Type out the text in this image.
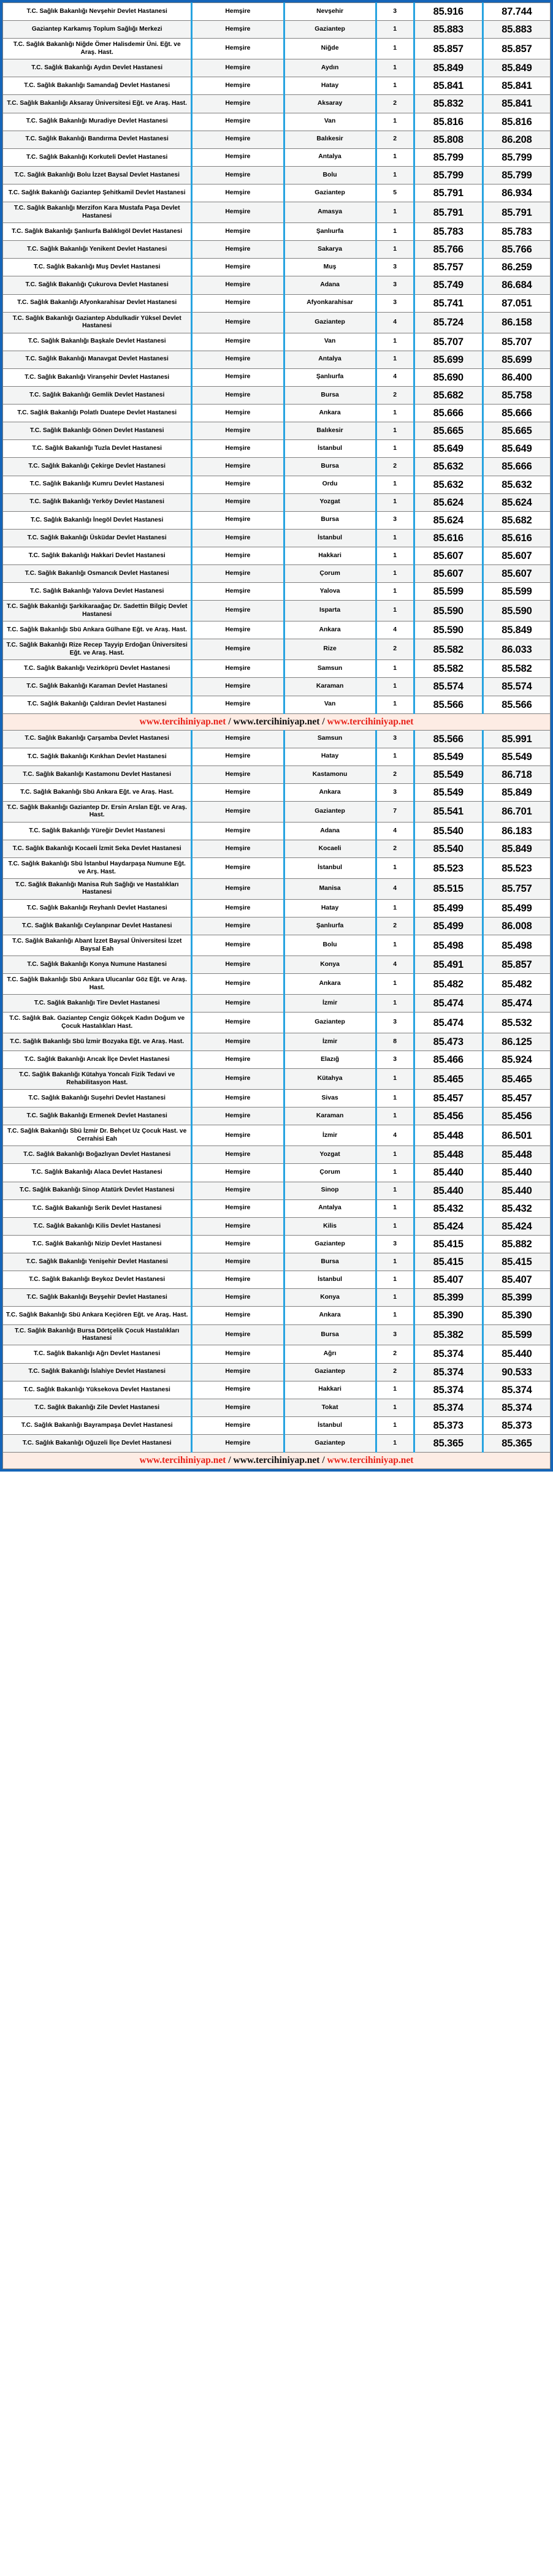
T.C. Sağlık Bakanlığı Nevşehir Devlet Hastanesi	Hemşire	Nevşehir	3	85.916	87.744
Gaziantep Karkamış Toplum Sağlığı Merkezi	Hemşire	Gaziantep	1	85.883	85.883
T.C. Sağlık Bakanlığı Niğde Ömer Halisdemir Üni. Eğt. ve Araş. Hast.	Hemşire	Niğde	1	85.857	85.857
T.C. Sağlık Bakanlığı Aydın Devlet Hastanesi	Hemşire	Aydın	1	85.849	85.849
T.C. Sağlık Bakanlığı Samandağ Devlet Hastanesi	Hemşire	Hatay	1	85.841	85.841
T.C. Sağlık Bakanlığı Aksaray Üniversitesi Eğt. ve Araş. Hast.	Hemşire	Aksaray	2	85.832	85.841
T.C. Sağlık Bakanlığı Muradiye Devlet Hastanesi	Hemşire	Van	1	85.816	85.816
T.C. Sağlık Bakanlığı Bandırma Devlet Hastanesi	Hemşire	Balıkesir	2	85.808	86.208
T.C. Sağlık Bakanlığı Korkuteli Devlet Hastanesi	Hemşire	Antalya	1	85.799	85.799
T.C. Sağlık Bakanlığı Bolu İzzet Baysal Devlet Hastanesi	Hemşire	Bolu	1	85.799	85.799
T.C. Sağlık Bakanlığı Gaziantep Şehitkamil Devlet Hastanesi	Hemşire	Gaziantep	5	85.791	86.934
T.C. Sağlık Bakanlığı Merzifon Kara Mustafa Paşa Devlet Hastanesi	Hemşire	Amasya	1	85.791	85.791
T.C. Sağlık Bakanlığı Şanlıurfa Balıklıgöl Devlet Hastanesi	Hemşire	Şanlıurfa	1	85.783	85.783
T.C. Sağlık Bakanlığı Yenikent Devlet Hastanesi	Hemşire	Sakarya	1	85.766	85.766
T.C. Sağlık Bakanlığı Muş Devlet Hastanesi	Hemşire	Muş	3	85.757	86.259
T.C. Sağlık Bakanlığı Çukurova Devlet Hastanesi	Hemşire	Adana	3	85.749	86.684
T.C. Sağlık Bakanlığı Afyonkarahisar Devlet Hastanesi	Hemşire	Afyonkarahisar	3	85.741	87.051
T.C. Sağlık Bakanlığı Gaziantep Abdulkadir Yüksel Devlet Hastanesi	Hemşire	Gaziantep	4	85.724	86.158
T.C. Sağlık Bakanlığı Başkale Devlet Hastanesi	Hemşire	Van	1	85.707	85.707
T.C. Sağlık Bakanlığı Manavgat Devlet Hastanesi	Hemşire	Antalya	1	85.699	85.699
T.C. Sağlık Bakanlığı Viranşehir Devlet Hastanesi	Hemşire	Şanlıurfa	4	85.690	86.400
T.C. Sağlık Bakanlığı Gemlik Devlet Hastanesi	Hemşire	Bursa	2	85.682	85.758
T.C. Sağlık Bakanlığı Polatlı Duatepe Devlet Hastanesi	Hemşire	Ankara	1	85.666	85.666
T.C. Sağlık Bakanlığı Gönen Devlet Hastanesi	Hemşire	Balıkesir	1	85.665	85.665
T.C. Sağlık Bakanlığı Tuzla Devlet Hastanesi	Hemşire	İstanbul	1	85.649	85.649
T.C. Sağlık Bakanlığı Çekirge Devlet Hastanesi	Hemşire	Bursa	2	85.632	85.666
T.C. Sağlık Bakanlığı Kumru Devlet Hastanesi	Hemşire	Ordu	1	85.632	85.632
T.C. Sağlık Bakanlığı Yerköy Devlet Hastanesi	Hemşire	Yozgat	1	85.624	85.624
T.C. Sağlık Bakanlığı İnegöl Devlet Hastanesi	Hemşire	Bursa	3	85.624	85.682
T.C. Sağlık Bakanlığı Üsküdar Devlet Hastanesi	Hemşire	İstanbul	1	85.616	85.616
T.C. Sağlık Bakanlığı Hakkari Devlet Hastanesi	Hemşire	Hakkari	1	85.607	85.607
T.C. Sağlık Bakanlığı Osmancık Devlet Hastanesi	Hemşire	Çorum	1	85.607	85.607
T.C. Sağlık Bakanlığı Yalova Devlet Hastanesi	Hemşire	Yalova	1	85.599	85.599
T.C. Sağlık Bakanlığı Şarkikaraağaç Dr. Sadettin Bilgiç Devlet Hastanesi	Hemşire	Isparta	1	85.590	85.590
T.C. Sağlık Bakanlığı Sbü Ankara Gülhane Eğt. ve Araş. Hast.	Hemşire	Ankara	4	85.590	85.849
T.C. Sağlık Bakanlığı Rize Recep Tayyip Erdoğan Üniversitesi Eğt. ve Araş. Hast.	Hemşire	Rize	2	85.582	86.033
T.C. Sağlık Bakanlığı Vezirköprü Devlet Hastanesi	Hemşire	Samsun	1	85.582	85.582
T.C. Sağlık Bakanlığı Karaman Devlet Hastanesi	Hemşire	Karaman	1	85.574	85.574
T.C. Sağlık Bakanlığı Çaldıran Devlet Hastanesi	Hemşire	Van	1	85.566	85.566
www.tercihiniyap.net / www.tercihiniyap.net / www.tercihiniyap.net					
T.C. Sağlık Bakanlığı Çarşamba Devlet Hastanesi	Hemşire	Samsun	3	85.566	85.991
T.C. Sağlık Bakanlığı Kırıkhan Devlet Hastanesi	Hemşire	Hatay	1	85.549	85.549
T.C. Sağlık Bakanlığı Kastamonu Devlet Hastanesi	Hemşire	Kastamonu	2	85.549	86.718
T.C. Sağlık Bakanlığı Sbü Ankara Eğt. ve Araş. Hast.	Hemşire	Ankara	3	85.549	85.849
T.C. Sağlık Bakanlığı Gaziantep Dr. Ersin Arslan Eğt. ve Araş. Hast.	Hemşire	Gaziantep	7	85.541	86.701
T.C. Sağlık Bakanlığı Yüreğir Devlet Hastanesi	Hemşire	Adana	4	85.540	86.183
T.C. Sağlık Bakanlığı Kocaeli İzmit Seka Devlet Hastanesi	Hemşire	Kocaeli	2	85.540	85.849
T.C. Sağlık Bakanlığı Sbü İstanbul Haydarpaşa Numune Eğt. ve Arş. Hast.	Hemşire	İstanbul	1	85.523	85.523
T.C. Sağlık Bakanlığı Manisa Ruh Sağlığı ve Hastalıkları Hastanesi	Hemşire	Manisa	4	85.515	85.757
T.C. Sağlık Bakanlığı Reyhanlı Devlet Hastanesi	Hemşire	Hatay	1	85.499	85.499
T.C. Sağlık Bakanlığı Ceylanpınar Devlet Hastanesi	Hemşire	Şanlıurfa	2	85.499	86.008
T.C. Sağlık Bakanlığı Abant İzzet Baysal Üniversitesi İzzet Baysal Eah	Hemşire	Bolu	1	85.498	85.498
T.C. Sağlık Bakanlığı Konya Numune Hastanesi	Hemşire	Konya	4	85.491	85.857
T.C. Sağlık Bakanlığı Sbü Ankara Ulucanlar Göz Eğt. ve Araş. Hast.	Hemşire	Ankara	1	85.482	85.482
T.C. Sağlık Bakanlığı Tire Devlet Hastanesi	Hemşire	İzmir	1	85.474	85.474
T.C. Sağlık Bak. Gaziantep Cengiz Gökçek Kadın Doğum ve Çocuk Hastalıkları Hast.	Hemşire	Gaziantep	3	85.474	85.532
T.C. Sağlık Bakanlığı Sbü İzmir Bozyaka Eğt. ve Araş. Hast.	Hemşire	İzmir	8	85.473	86.125
T.C. Sağlık Bakanlığı Arıcak İlçe Devlet Hastanesi	Hemşire	Elazığ	3	85.466	85.924
T.C. Sağlık Bakanlığı Kütahya Yoncalı Fizik Tedavi ve Rehabilitasyon Hast.	Hemşire	Kütahya	1	85.465	85.465
T.C. Sağlık Bakanlığı Suşehri Devlet Hastanesi	Hemşire	Sivas	1	85.457	85.457
T.C. Sağlık Bakanlığı Ermenek Devlet Hastanesi	Hemşire	Karaman	1	85.456	85.456
T.C. Sağlık Bakanlığı Sbü İzmir Dr. Behçet Uz Çocuk Hast. ve Cerrahisi Eah	Hemşire	İzmir	4	85.448	86.501
T.C. Sağlık Bakanlığı Boğazlıyan Devlet Hastanesi	Hemşire	Yozgat	1	85.448	85.448
T.C. Sağlık Bakanlığı Alaca Devlet Hastanesi	Hemşire	Çorum	1	85.440	85.440
T.C. Sağlık Bakanlığı Sinop Atatürk Devlet Hastanesi	Hemşire	Sinop	1	85.440	85.440
T.C. Sağlık Bakanlığı Serik Devlet Hastanesi	Hemşire	Antalya	1	85.432	85.432
T.C. Sağlık Bakanlığı Kilis Devlet Hastanesi	Hemşire	Kilis	1	85.424	85.424
T.C. Sağlık Bakanlığı Nizip Devlet Hastanesi	Hemşire	Gaziantep	3	85.415	85.882
T.C. Sağlık Bakanlığı Yenişehir Devlet Hastanesi	Hemşire	Bursa	1	85.415	85.415
T.C. Sağlık Bakanlığı Beykoz Devlet Hastanesi	Hemşire	İstanbul	1	85.407	85.407
T.C. Sağlık Bakanlığı Beyşehir Devlet Hastanesi	Hemşire	Konya	1	85.399	85.399
T.C. Sağlık Bakanlığı Sbü Ankara Keçiören Eğt. ve Araş. Hast.	Hemşire	Ankara	1	85.390	85.390
T.C. Sağlık Bakanlığı Bursa Dörtçelik Çocuk Hastalıkları Hastanesi	Hemşire	Bursa	3	85.382	85.599
T.C. Sağlık Bakanlığı Ağrı Devlet Hastanesi	Hemşire	Ağrı	2	85.374	85.440
T.C. Sağlık Bakanlığı İslahiye Devlet Hastanesi	Hemşire	Gaziantep	2	85.374	90.533
T.C. Sağlık Bakanlığı Yüksekova Devlet Hastanesi	Hemşire	Hakkari	1	85.374	85.374
T.C. Sağlık Bakanlığı Zile Devlet Hastanesi	Hemşire	Tokat	1	85.374	85.374
T.C. Sağlık Bakanlığı Bayrampaşa Devlet Hastanesi	Hemşire	İstanbul	1	85.373	85.373
T.C. Sağlık Bakanlığı Oğuzeli İlçe Devlet Hastanesi	Hemşire	Gaziantep	1	85.365	85.365
www.tercihiniyap.net / www.tercihiniyap.net / www.tercihiniyap.net					
